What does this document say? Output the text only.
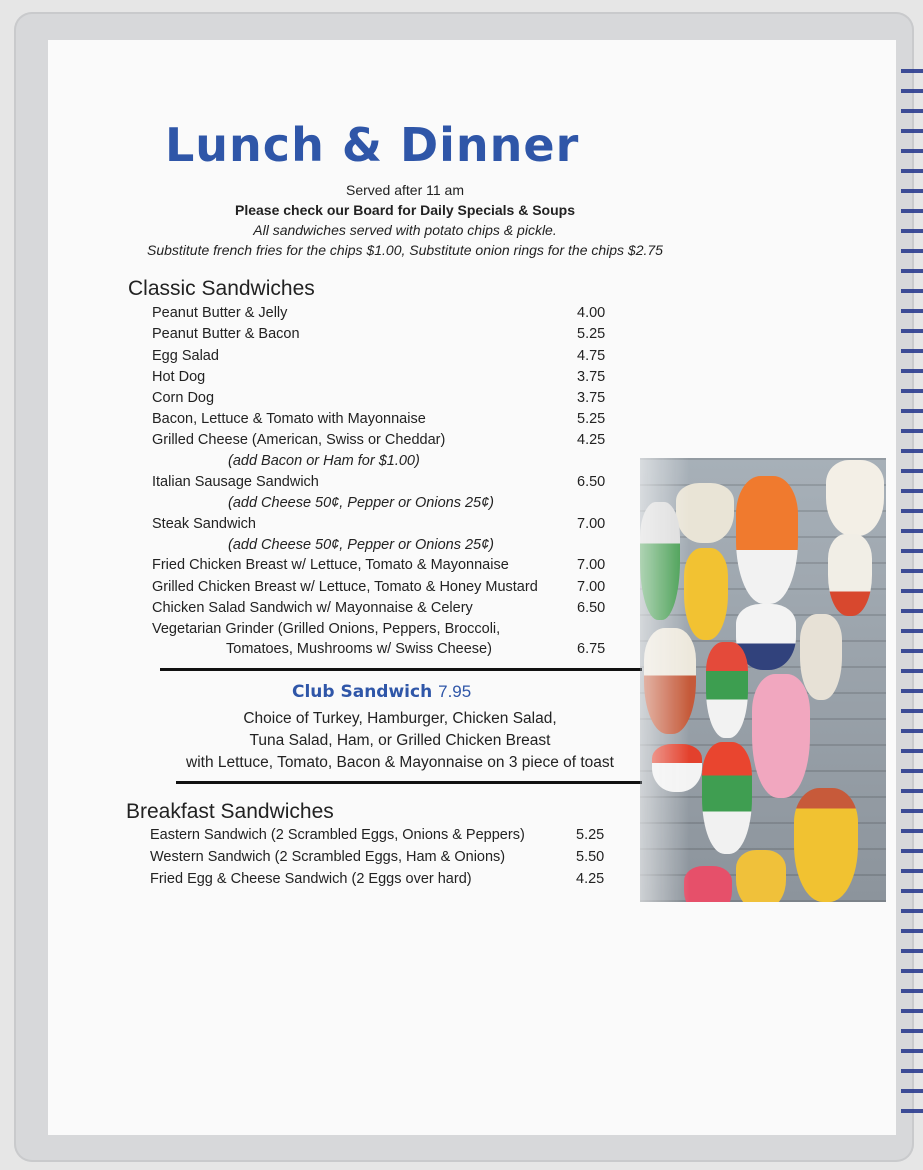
Lunch & Dinner
Served after 11 am
Please check our Board for Daily Specials & Soups
All sandwiches served with potato chips & pickle.
Substitute french fries for the chips $1.00, Substitute onion rings for the chips $2.75
Classic Sandwiches
Peanut Butter & Jelly	4.00
Peanut Butter & Bacon	5.25
Egg Salad	4.75
Hot Dog	3.75
Corn Dog	3.75
Bacon, Lettuce & Tomato with Mayonnaise	5.25
Grilled Cheese (American, Swiss or Cheddar)	4.25
(add Bacon or Ham for $1.00)
Italian Sausage Sandwich	6.50
(add Cheese 50¢, Pepper or Onions 25¢)
Steak Sandwich	7.00
(add Cheese 50¢, Pepper or Onions 25¢)
Fried Chicken Breast w/ Lettuce, Tomato & Mayonnaise	7.00
Grilled Chicken Breast w/ Lettuce, Tomato & Honey Mustard	7.00
Chicken Salad Sandwich w/ Mayonnaise & Celery	6.50
Vegetarian Grinder (Grilled Onions, Peppers, Broccoli,
Tomatoes, Mushrooms w/ Swiss Cheese)	6.75
Club Sandwich 7.95
Choice of Turkey, Hamburger, Chicken Salad,
Tuna Salad, Ham, or Grilled Chicken Breast
with Lettuce, Tomato, Bacon & Mayonnaise on 3 piece of toast
Breakfast Sandwiches
Eastern Sandwich (2 Scrambled Eggs, Onions & Peppers)	5.25
Western Sandwich (2 Scrambled Eggs, Ham & Onions)	5.50
Fried Egg & Cheese Sandwich (2 Eggs over hard)	4.25
